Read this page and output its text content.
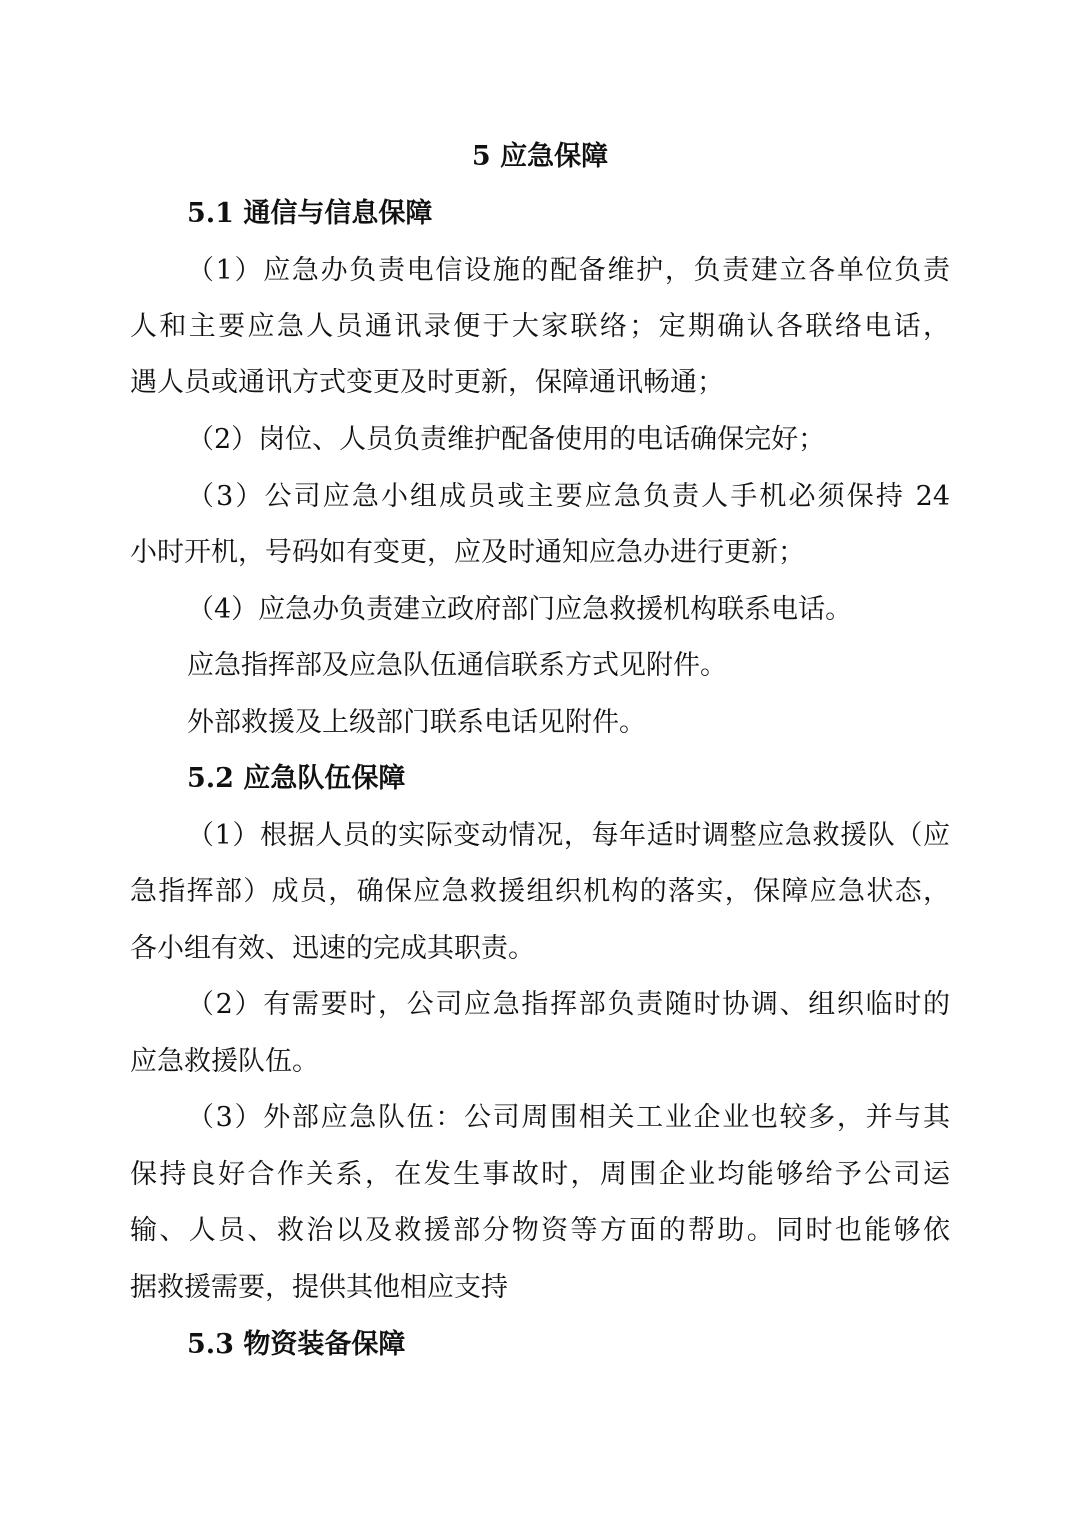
5 应急保障
5.1 通信与信息保障
（1）应急办负责电信设施的配备维护，负责建立各单位负责
人和主要应急人员通讯录便于大家联络；定期确认各联络电话，
遇人员或通讯方式变更及时更新，保障通讯畅通；
（2）岗位、人员负责维护配备使用的电话确保完好；
（3）公司应急小组成员或主要应急负责人手机必须保持 24
小时开机，号码如有变更，应及时通知应急办进行更新；
（4）应急办负责建立政府部门应急救援机构联系电话。
应急指挥部及应急队伍通信联系方式见附件。
外部救援及上级部门联系电话见附件。
5.2 应急队伍保障
（1）根据人员的实际变动情况，每年适时调整应急救援队（应
急指挥部）成员，确保应急救援组织机构的落实，保障应急状态，
各小组有效、迅速的完成其职责。
（2）有需要时，公司应急指挥部负责随时协调、组织临时的
应急救援队伍。
（3）外部应急队伍：公司周围相关工业企业也较多，并与其
保持良好合作关系，在发生事故时，周围企业均能够给予公司运
输、人员、救治以及救援部分物资等方面的帮助。同时也能够依
据救援需要，提供其他相应支持
5.3 物资装备保障
